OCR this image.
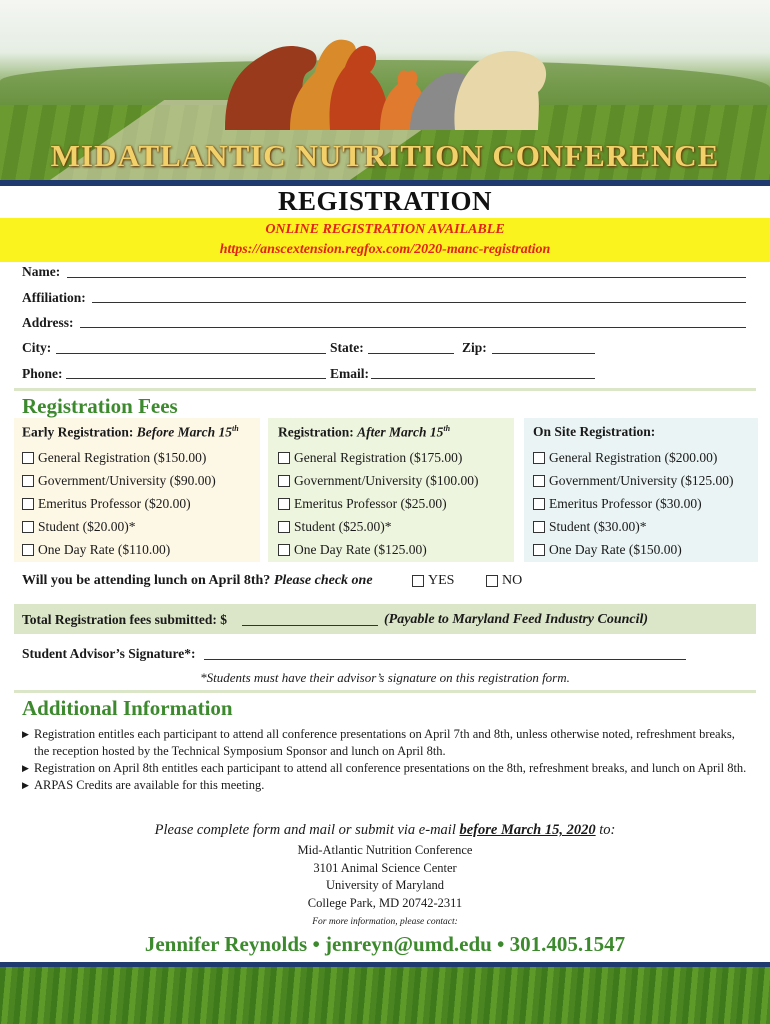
MIDATLANTIC NUTRITION CONFERENCE
REGISTRATION
ONLINE REGISTRATION AVAILABLE
https://anscextension.regfox.com/2020-manc-registration
Name:
Affiliation:
Address:
City:	State:	Zip:
Phone:	Email:
Registration Fees
Early Registration: Before March 15th
General Registration ($150.00)
Government/University ($90.00)
Emeritus Professor ($20.00)
Student ($20.00)*
One Day Rate ($110.00)
Registration: After March 15th
General Registration ($175.00)
Government/University ($100.00)
Emeritus Professor ($25.00)
Student ($25.00)*
One Day Rate ($125.00)
On Site Registration:
General Registration ($200.00)
Government/University ($125.00)
Emeritus Professor ($30.00)
Student ($30.00)*
One Day Rate ($150.00)
Will you be attending lunch on April 8th? Please check one	YES	NO
Total Registration fees submitted: $	(Payable to Maryland Feed Industry Council)
Student Advisor’s Signature*:
*Students must have their advisor’s signature on this registration form.
Additional Information
▶ Registration entitles each participant to attend all conference presentations on April 7th and 8th, unless otherwise noted, refreshment breaks, the reception hosted by the Technical Symposium Sponsor and lunch on April 8th.
▶ Registration on April 8th entitles each participant to attend all conference presentations on the 8th, refreshment breaks, and lunch on April 8th.
▶ ARPAS Credits are available for this meeting.
Please complete form and mail or submit via e-mail before March 15, 2020 to:
Mid-Atlantic Nutrition Conference
3101 Animal Science Center
University of Maryland
College Park, MD 20742-2311
For more information, please contact:
Jennifer Reynolds • jenreyn@umd.edu • 301.405.1547
